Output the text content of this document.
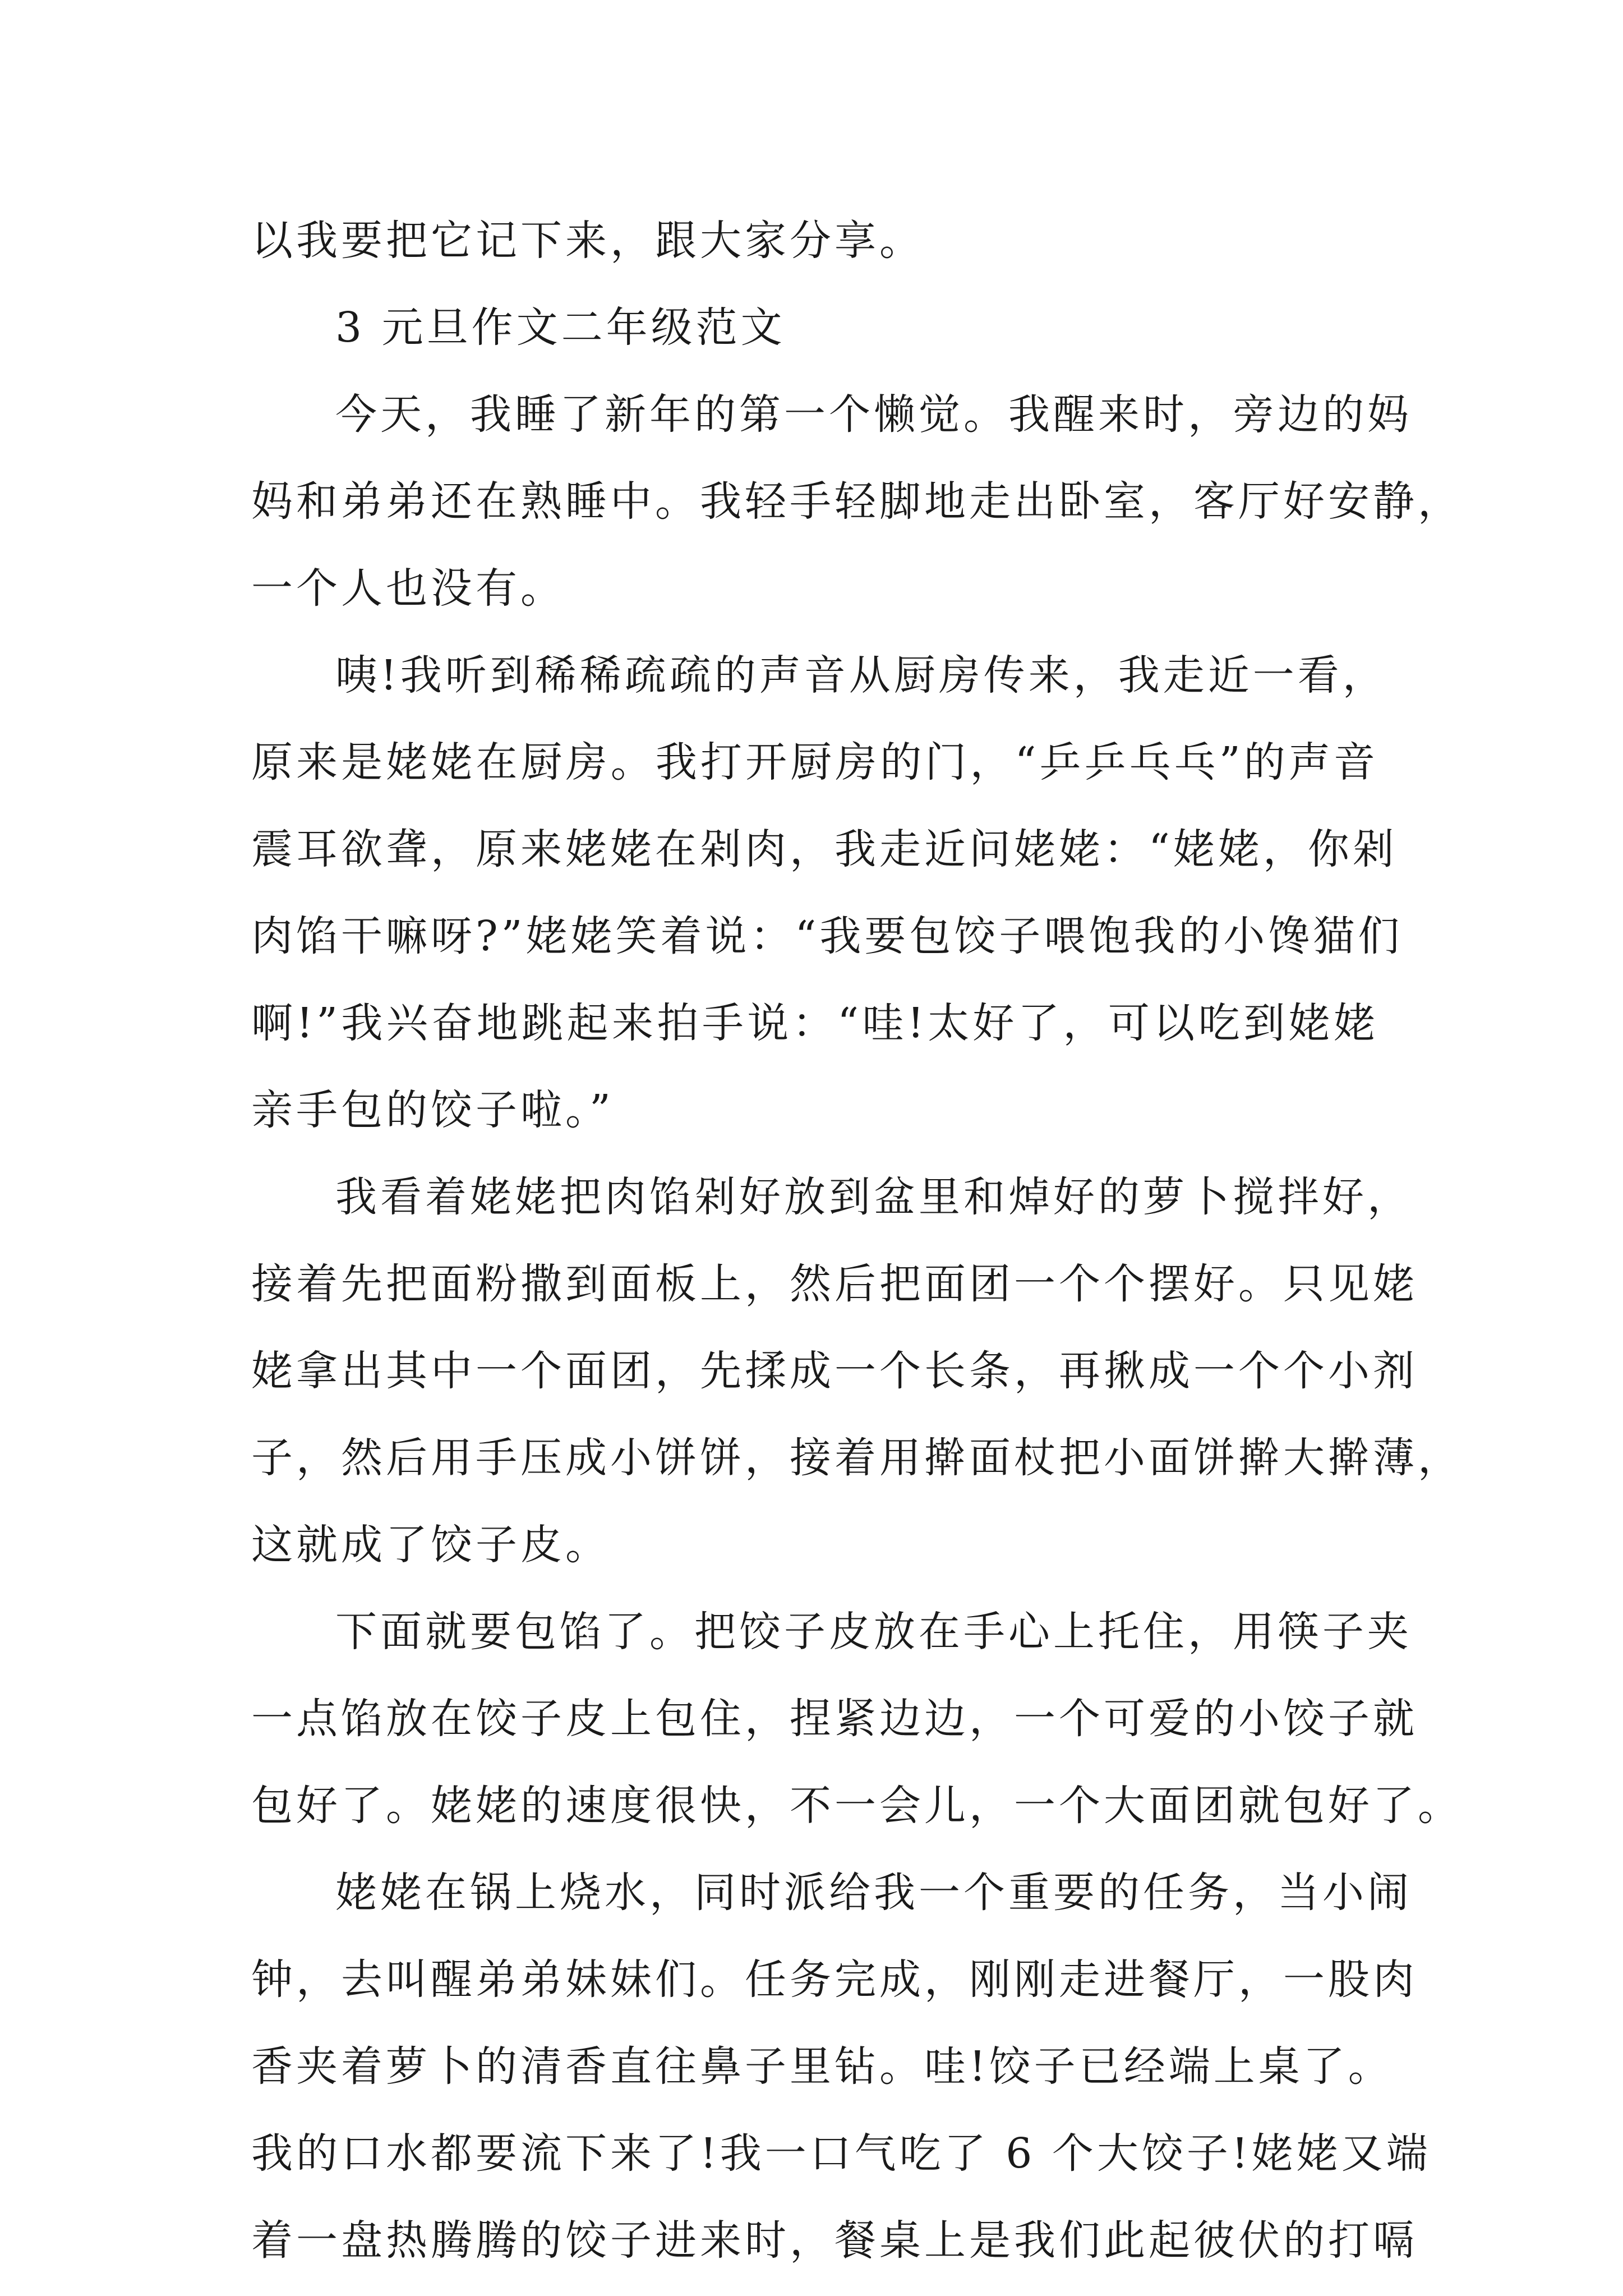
以我要把它记下来，跟大家分享。
3 元旦作文二年级范文
今天，我睡了新年的第一个懒觉。我醒来时，旁边的妈
妈和弟弟还在熟睡中。我轻手轻脚地走出卧室，客厅好安静，
一个人也没有。
咦!我听到稀稀疏疏的声音从厨房传来，我走近一看，
原来是姥姥在厨房。我打开厨房的门，“乒乒乓乓”的声音
震耳欲聋，原来姥姥在剁肉，我走近问姥姥：“姥姥，你剁
肉馅干嘛呀?”姥姥笑着说：“我要包饺子喂饱我的小馋猫们
啊!”我兴奋地跳起来拍手说：“哇!太好了，可以吃到姥姥
亲手包的饺子啦。”
我看着姥姥把肉馅剁好放到盆里和焯好的萝卜搅拌好，
接着先把面粉撒到面板上，然后把面团一个个摆好。只见姥
姥拿出其中一个面团，先揉成一个长条，再揪成一个个小剂
子，然后用手压成小饼饼，接着用擀面杖把小面饼擀大擀薄，
这就成了饺子皮。
下面就要包馅了。把饺子皮放在手心上托住，用筷子夹
一点馅放在饺子皮上包住，捏紧边边，一个可爱的小饺子就
包好了。姥姥的速度很快，不一会儿，一个大面团就包好了。
姥姥在锅上烧水，同时派给我一个重要的任务，当小闹
钟，去叫醒弟弟妹妹们。任务完成，刚刚走进餐厅，一股肉
香夹着萝卜的清香直往鼻子里钻。哇!饺子已经端上桌了。
我的口水都要流下来了!我一口气吃了 6 个大饺子!姥姥又端
着一盘热腾腾的饺子进来时，餐桌上是我们此起彼伏的打嗝
